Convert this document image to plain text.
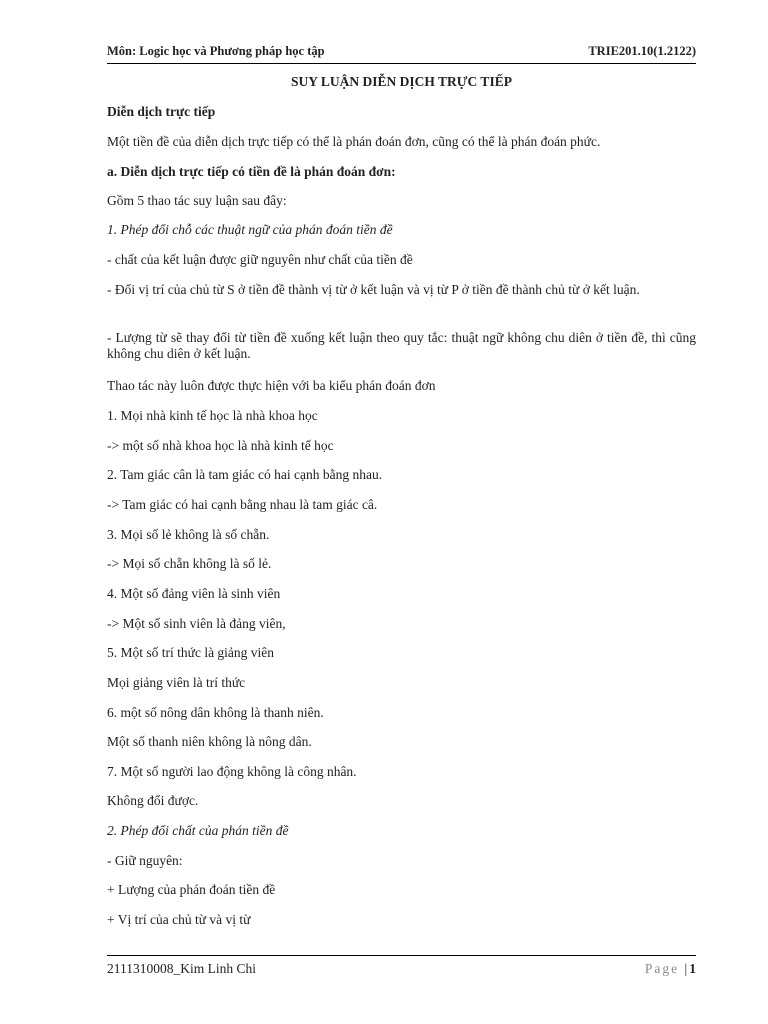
Môn: Logic học và Phương pháp học tập	TRIE201.10(1.2122)
SUY LUẬN DIỄN DỊCH TRỰC TIẾP
Diễn dịch trực tiếp
Một tiền đề của diễn dịch trực tiếp có thể là phán đoán đơn, cũng có thể là phán đoán phức.
a. Diễn dịch trực tiếp có tiền đề là phán đoán đơn:
Gồm 5 thao tác suy luận sau đây:
1. Phép đổi chỗ các thuật ngữ của phán đoán tiền đề
- chất của kết luận được giữ nguyên như chất của tiền đề
- Đổi vị trí của chủ từ S ở tiền đề thành vị từ ở kết luận và vị từ P ở tiền đề thành chủ từ ở kết luận.
- Lượng từ sẽ thay đổi từ tiền đề xuống kết luận theo quy tắc: thuật ngữ không chu diên ở tiền đề, thì cũng không chu diên ở kết luận.
Thao tác này luôn được thực hiện với ba kiểu phán đoán đơn
1. Mọi nhà kinh tế học là nhà khoa học
-> một số nhà khoa học là nhà kinh tế học
2. Tam giác cân là tam giác có hai cạnh bằng nhau.
-> Tam giác có hai cạnh bằng nhau là tam giác câ.
3. Mọi số lẻ không là số chẵn.
-> Mọi số chẵn không là số lẻ.
4. Một số đảng viên là sinh viên
-> Một số sinh viên là đảng viên,
5. Một số trí thức là giảng viên
Mọi giảng viên là trí thức
6. một số nông dân không là thanh niên.
Một số thanh niên không là nông dân.
7. Một số người lao động không là công nhân.
Không đổi được.
2. Phép đổi chất của phán tiền đề
- Giữ nguyên:
+ Lượng của phán đoán tiền đề
+ Vị trí của chủ từ và vị từ
2111310008_Kim Linh Chi	Page | 1
